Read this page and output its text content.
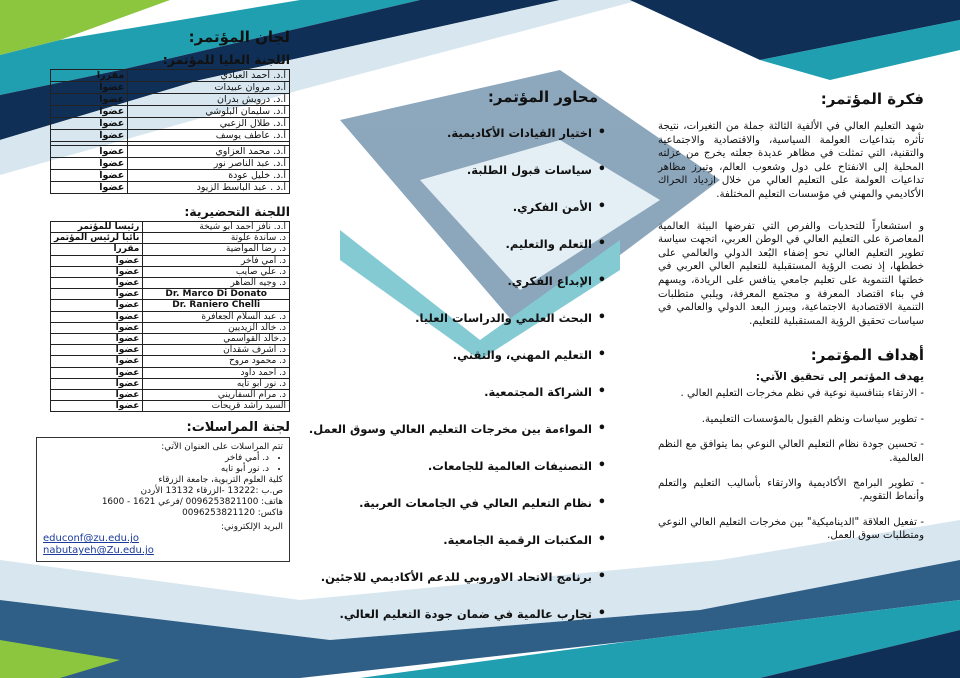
لجان المؤتمر:
اللجنة العليا للمؤتمر:
أ.د. أحمد العبادي	مقرراً
أ.د. مروان عبيدات	عضواً
أ.د. درويش بدران	عضواً
أ.د. سليمان البلوشي	عضواً
أ.د. طلال الزعبي	عضواً
أ.د. عاطف يوسف	عضواً

أ.د. محمد العزاوي	عضواً
أ.د. عبد الناصر نور	عضواً
أ.د. خليل عودة	عضواً
أ.د . عبد الباسط الزيود	عضواً
اللجنة التحضيرية:
أ.د. نافز أحمد أبو شيخة	رئيساً للمؤتمر
د. ساندة علوتة	نائباً لرئيس المؤتمر
د. رضا المواضية	مقرراً
د. أمي فاخر	عضواً
د. علي صايب	عضواً
د. وجيه الضاهر	عضواً
Dr. Marco Di Donato	عضواً
Dr. Raniero Chelli	عضواً
د. عبد السلام الجعافرة	عضواً
د. خالد الزيديين	عضواً
د.خالد القواسمي	عضواً
د. أشرف شقدان	عضواً
د. محمود مروح	عضواً
د. أحمد داود	عضواً
د. نور أبو تايه	عضواً
د. مرام السفاريني	عضواً
السيد راشد قريحات	عضواً
لجنة المراسلات:
تتم المراسلات على العنوان الآتي:
• د. أمي فاخر
• د. نور أبو تايه
كلية العلوم التربوية، جامعة الزرقاء
ص.ب :13222 -الزرقاء 13132 الأردن
هاتف: 0096253821100 /فرعي 1621 - 1600
فاكس: 0096253821120
البريد الإلكتروني:
educonf@zu.edu.jo
nabutayeh@Zu.edu.jo
محاور المؤتمر:
•
اختيار القيادات الأكاديمية.
•
سياسات قبول الطلبة.
•
الأمن الفكري.
•
التعلم والتعليم.
•
الإبداع الفكري.
•
البحث العلمي والدراسات العليا.
•
التعليم المهني، والتقني.
•
الشراكة المجتمعية.
•
المواءمة بين مخرجات التعليم العالي وسوق العمل.
•
التصنيفات العالمية للجامعات.
•
نظام التعليم العالي في الجامعات العربية.
•
المكتبات الرقمية الجامعية.
•
برنامج الاتحاد الاوروبي للدعم الأكاديمي للاجئين.
•
تجارب عالمية في ضمان جودة التعليم العالي.
فكرة المؤتمر:

شهد التعليم العالي في الألفية الثالثة جملة من التغيرات، نتيجة تأثره بتداعيات العولمة السياسية، والاقتصادية والاجتماعية والتقنية، التي تمثلت في مظاهر عديدة جعلته يخرج من عزلته المحلية إلى الانفتاح على دول وشعوب العالم، وتبرز مظاهر تداعيات العولمة على التعليم العالي من خلال ازدياد الحراك الأكاديمي والمهني في مؤسسات التعليم المختلفة.

و استشعاراً للتحديات والفرص التي تفرضها البيئة العالمية المعاصرة على التعليم العالي في الوطن العربي، اتجهت سياسة تطوير التعليم العالي نحو إضفاء البُعد الدولي والعالمي على خططها، إذ نصت الرؤية المستقبلية للتعليم العالي العربي في خطتها التنموية على تعليم جامعي ينافس على الريادة، ويسهم في بناء اقتصاد المعرفة و مجتمع المعرفة، ويلبي متطلبات التنمية الاقتصادية الاجتماعية، ويبرز البعد الدولي والعالمي في سياسات تحقيق الرؤية المستقبلية للتعليم.

أهداف المؤتمر:
يهدف المؤتمر إلى تحقيق الآتي:
- الارتقاء بتنافسية نوعية في نظم مخرجات التعليم العالي .
- تطوير سياسات ونظم القبول بالمؤسسات التعليمية.
- تحسين جودة نظام التعليم العالي النوعي بما يتوافق مع النظم العالمية.
- تطوير البرامج الأكاديمية والارتقاء بأساليب التعليم والتعلم وأنماط التقويم.
- تفعيل العلاقة "الديناميكية" بين مخرجات التعليم العالي النوعي ومتطلبات سوق العمل.
